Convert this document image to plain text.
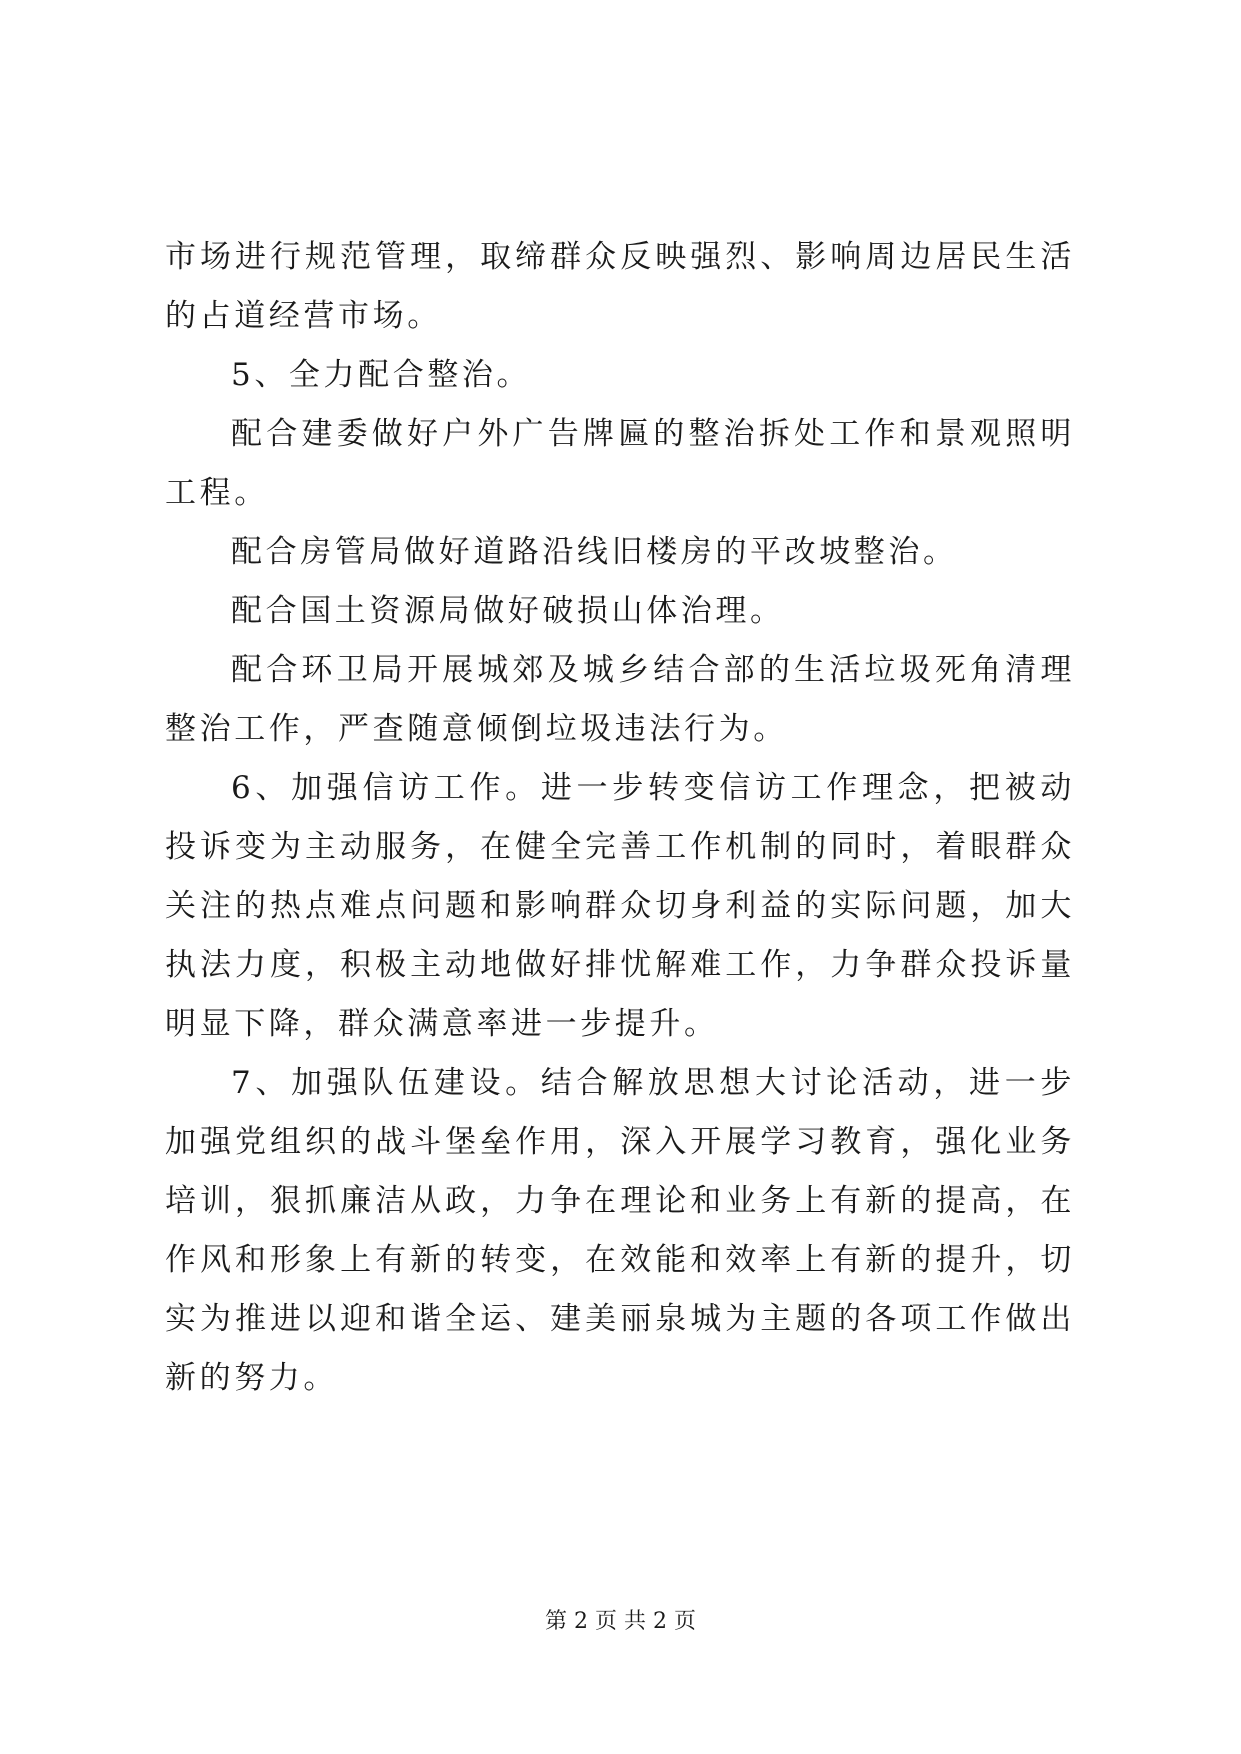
市场进行规范管理，取缔群众反映强烈、影响周边居民生活的占道经营市场。

5、全力配合整治。

配合建委做好户外广告牌匾的整治拆处工作和景观照明工程。

配合房管局做好道路沿线旧楼房的平改坡整治。

配合国土资源局做好破损山体治理。

配合环卫局开展城郊及城乡结合部的生活垃圾死角清理整治工作，严查随意倾倒垃圾违法行为。

6、加强信访工作。进一步转变信访工作理念，把被动投诉变为主动服务，在健全完善工作机制的同时，着眼群众关注的热点难点问题和影响群众切身利益的实际问题，加大执法力度，积极主动地做好排忧解难工作，力争群众投诉量明显下降，群众满意率进一步提升。

7、加强队伍建设。结合解放思想大讨论活动，进一步加强党组织的战斗堡垒作用，深入开展学习教育，强化业务培训，狠抓廉洁从政，力争在理论和业务上有新的提高，在作风和形象上有新的转变，在效能和效率上有新的提升，切实为推进以迎和谐全运、建美丽泉城为主题的各项工作做出新的努力。

第 2 页 共 2 页
